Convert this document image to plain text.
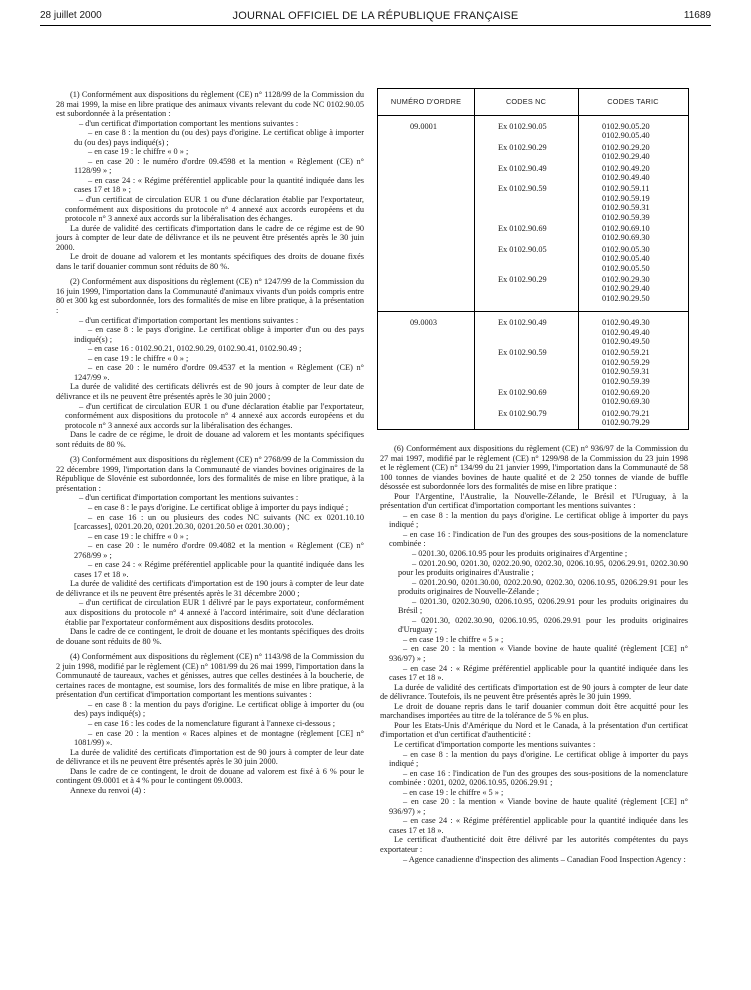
28 juillet 2000	JOURNAL OFFICIEL DE LA RÉPUBLIQUE FRANÇAISE	11689

(1) Conformément aux dispositions du règlement (CE) n° 1128/99 de la Commission du 28 mai 1999, la mise en libre pratique des animaux vivants relevant du code NC 0102.90.05 est subordonnée à la présentation :

– d'un certificat d'importation comportant les mentions suivantes :

– en case 8 : la mention du (ou des) pays d'origine. Le certificat oblige à importer du (ou des) pays indiqué(s) ;

– en case 19 : le chiffre « 0 » ;

– en case 20 : le numéro d'ordre 09.4598 et la mention « Règlement (CE) n° 1128/99 » ;

– en case 24 : « Régime préférentiel applicable pour la quantité indiquée dans les cases 17 et 18 » ;

– d'un certificat de circulation EUR 1 ou d'une déclaration établie par l'exportateur, conformément aux dispositions du protocole n° 4 annexé aux accords européens et du protocole n° 3 annexé aux accords sur la libéralisation des échanges.

La durée de validité des certificats d'importation dans le cadre de ce régime est de 90 jours à compter de leur date de délivrance et ils ne peuvent être présentés après le 30 juin 2000.

Le droit de douane ad valorem et les montants spécifiques des droits de douane fixés dans le tarif douanier commun sont réduits de 80 %.

(2) Conformément aux dispositions du règlement (CE) n° 1247/99 de la Commission du 16 juin 1999, l'importation dans la Communauté d'animaux vivants d'un poids compris entre 80 et 300 kg est subordonnée, lors des formalités de mise en libre pratique, à la présentation :

– d'un certificat d'importation comportant les mentions suivantes :

– en case 8 : le pays d'origine. Le certificat oblige à importer d'un ou des pays indiqué(s) ;

– en case 16 : 0102.90.21, 0102.90.29, 0102.90.41, 0102.90.49 ;

– en case 19 : le chiffre « 0 » ;

– en case 20 : le numéro d'ordre 09.4537 et la mention « Règlement (CE) n° 1247/99 ».

La durée de validité des certificats délivrés est de 90 jours à compter de leur date de délivrance et ils ne peuvent être présentés après le 30 juin 2000 ;

– d'un certificat de circulation EUR 1 ou d'une déclaration établie par l'exportateur, conformément aux dispositions du protocole n° 4 annexé aux accords européens et du protocole n° 3 annexé aux accords sur la libéralisation des échanges.

Dans le cadre de ce régime, le droit de douane ad valorem et les montants spécifiques sont réduits de 80 %.

(3) Conformément aux dispositions du règlement (CE) n° 2768/99 de la Commission du 22 décembre 1999, l'importation dans la Communauté de viandes bovines originaires de la République de Slovénie est subordonnée, lors des formalités de mise en libre pratique, à la présentation :

– d'un certificat d'importation comportant les mentions suivantes :

– en case 8 : le pays d'origine. Le certificat oblige à importer du pays indiqué ;

– en case 16 : un ou plusieurs des codes NC suivants (NC ex 0201.10.10 [carcasses], 0201.20.20, 0201.20.30, 0201.20.50 et 0201.30.00) ;

– en case 19 : le chiffre « 0 » ;

– en case 20 : le numéro d'ordre 09.4082 et la mention « Règlement (CE) n° 2768/99 » ;

– en case 24 : « Régime préférentiel applicable pour la quantité indiquée dans les cases 17 et 18 ».

La durée de validité des certificats d'importation est de 190 jours à compter de leur date de délivrance et ils ne peuvent être présentés après le 31 décembre 2000 ;

– d'un certificat de circulation EUR 1 délivré par le pays exportateur, conformément aux dispositions du protocole n° 4 annexé à l'accord intérimaire, soit d'une déclaration établie par l'exportateur conformément aux dispositions desdits protocoles.

Dans le cadre de ce contingent, le droit de douane et les montants spécifiques des droits de douane sont réduits de 80 %.

(4) Conformément aux dispositions du règlement (CE) n° 1143/98 de la Commission du 2 juin 1998, modifié par le règlement (CE) n° 1081/99 du 26 mai 1999, l'importation dans la Communauté de taureaux, vaches et génisses, autres que celles destinées à la boucherie, de certaines races de montagne, est soumise, lors des formalités de mise en libre pratique, à la présentation d'un certificat d'importation comportant les mentions suivantes :

– en case 8 : la mention du pays d'origine. Le certificat oblige à importer du (ou des) pays indiqué(s) ;

– en case 16 : les codes de la nomenclature figurant à l'annexe ci-dessous ;

– en case 20 : la mention « Races alpines et de montagne (règlement [CE] n° 1081/99) ».

La durée de validité des certificats d'importation est de 90 jours à compter de leur date de délivrance et ils ne peuvent être présentés après le 30 juin 2000.

Dans le cadre de ce contingent, le droit de douane ad valorem est fixé à 6 % pour le contingent 09.0001 et à 4 % pour le contingent 09.0003.

Annexe du renvoi (4) :

NUMÉRO D'ORDRE	CODES NC	CODES TARIC
09.0001	Ex 0102.90.05	0102.90.05.20
0102.90.05.40
Ex 0102.90.29	0102.90.29.20
0102.90.29.40
Ex 0102.90.49	0102.90.49.20
0102.90.49.40
Ex 0102.90.59	0102.90.59.11
0102.90.59.19
0102.90.59.31
0102.90.59.39
Ex 0102.90.69	0102.90.69.10
0102.90.69.30
Ex 0102.90.05	0102.90.05.30
0102.90.05.40
0102.90.05.50
Ex 0102.90.29	0102.90.29.30
0102.90.29.40
0102.90.29.50
09.0003	Ex 0102.90.49	0102.90.49.30
0102.90.49.40
0102.90.49.50
Ex 0102.90.59	0102.90.59.21
0102.90.59.29
0102.90.59.31
0102.90.59.39
Ex 0102.90.69	0102.90.69.20
0102.90.69.30
Ex 0102.90.79	0102.90.79.21
0102.90.79.29

(6) Conformément aux dispositions du règlement (CE) n° 936/97 de la Commission du 27 mai 1997, modifié par le règlement (CE) n° 1299/98 de la Commission du 23 juin 1998 et le règlement (CE) n° 134/99 du 21 janvier 1999, l'importation dans la Communauté de 58 100 tonnes de viandes bovines de haute qualité et de 2 250 tonnes de viande de buffle désossée est subordonnée lors des formalités de mise en libre pratique :

Pour l'Argentine, l'Australie, la Nouvelle-Zélande, le Brésil et l'Uruguay, à la présentation d'un certificat d'importation comportant les mentions suivantes :

– en case 8 : la mention du pays d'origine. Le certificat oblige à importer du pays indiqué ;

– en case 16 : l'indication de l'un des groupes des sous-positions de la nomenclature combinée :

– 0201.30, 0206.10.95 pour les produits originaires d'Argentine ;

– 0201.20.90, 0201.30, 0202.20.90, 0202.30, 0206.10.95, 0206.29.91, 0202.30.90 pour les produits originaires d'Australie ;

– 0201.20.90, 0201.30.00, 0202.20.90, 0202.30, 0206.10.95, 0206.29.91 pour les produits originaires de Nouvelle-Zélande ;

– 0201.30, 0202.30.90, 0206.10.95, 0206.29.91 pour les produits originaires du Brésil ;

– 0201.30, 0202.30.90, 0206.10.95, 0206.29.91 pour les produits originaires d'Uruguay ;

– en case 19 : le chiffre « 5 » ;

– en case 20 : la mention « Viande bovine de haute qualité (règlement [CE] n° 936/97) » ;

– en case 24 : « Régime préférentiel applicable pour la quantité indiquée dans les cases 17 et 18 ».

La durée de validité des certificats d'importation est de 90 jours à compter de leur date de délivrance. Toutefois, ils ne peuvent être présentés après le 30 juin 1999.

Le droit de douane repris dans le tarif douanier commun doit être acquitté pour les marchandises importées au titre de la tolérance de 5 % en plus.

Pour les Etats-Unis d'Amérique du Nord et le Canada, à la présentation d'un certificat d'importation et d'un certificat d'authenticité :

Le certificat d'importation comporte les mentions suivantes :

– en case 8 : la mention du pays d'origine. Le certificat oblige à importer du pays indiqué ;

– en case 16 : l'indication de l'un des groupes des sous-positions de la nomenclature combinée : 0201, 0202, 0206.10.95, 0206.29.91 ;

– en case 19 : le chiffre « 5 » ;

– en case 20 : la mention « Viande bovine de haute qualité (règlement [CE] n° 936/97) » ;

– en case 24 : « Régime préférentiel applicable pour la quantité indiquée dans les cases 17 et 18 ».

Le certificat d'authenticité doit être délivré par les autorités compétentes du pays exportateur :

– Agence canadienne d'inspection des aliments – Canadian Food Inspection Agency :
